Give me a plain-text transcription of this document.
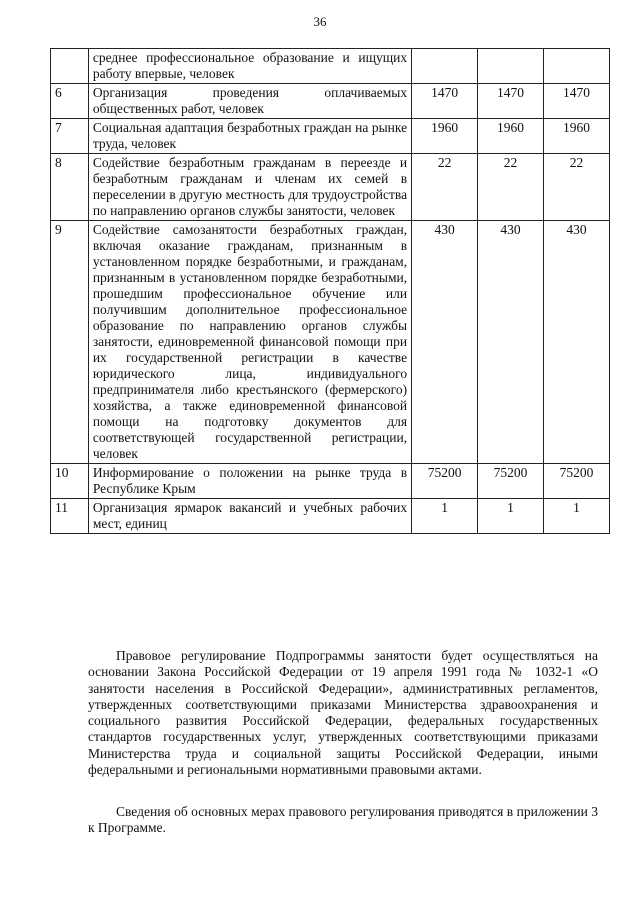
36
	среднее профессиональное образование и ищущих работу впервые, человек			
6	Организация проведения оплачиваемых общественных работ, человек	1470	1470	1470
7	Социальная адаптация безработных граждан на рынке труда, человек	1960	1960	1960
8	Содействие безработным гражданам в переезде и безработным гражданам и членам их семей в переселении в другую местность для трудоустройства по направлению органов службы занятости, человек	22	22	22
9	Содействие самозанятости безработных граждан, включая оказание гражданам, признанным в установленном порядке безработными, и гражданам, признанным в установленном порядке безработными, прошедшим профессиональное обучение или получившим дополнительное профессиональное образование по направлению органов службы занятости, единовременной финансовой помощи при их государственной регистрации в качестве юридического лица, индивидуального предпринимателя либо крестьянского (фермерского) хозяйства, а также единовременной финансовой помощи на подготовку документов для соответствующей государственной регистрации, человек	430	430	430
10	Информирование о положении на рынке труда в Республике Крым	75200	75200	75200
11	Организация ярмарок вакансий и учебных рабочих мест, единиц	1	1	1
Правовое регулирование Подпрограммы занятости будет осуществляться на основании Закона Российской Федерации от 19 апреля 1991 года № 1032-1 «О занятости населения в Российской Федерации», административных регламентов, утвержденных соответствующими приказами Министерства здравоохранения и социального развития Российской Федерации, федеральных государственных стандартов государственных услуг, утвержденных соответствующими приказами Министерства труда и социальной защиты Российской Федерации, иными федеральными и региональными нормативными правовыми актами.
Сведения об основных мерах правового регулирования приводятся в приложении 3 к Программе.
